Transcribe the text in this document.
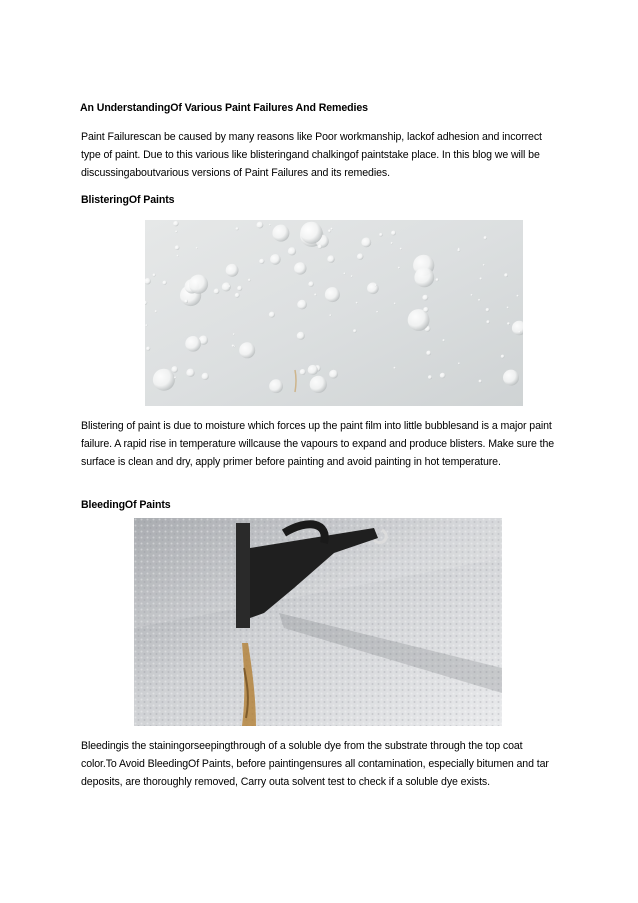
An UnderstandingOf Various Paint Failures And Remedies
Paint Failurescan be caused by many reasons like Poor workmanship, lackof adhesion and incorrect type of paint. Due to this various like blisteringand chalkingof paintstake place. In this blog we will be discussingaboutvarious versions of Paint Failures and its remedies.
BlisteringOf Paints
Blistering of paint is due to moisture which forces up the paint film into little bubblesand is a major paint failure. A rapid rise in temperature willcause the vapours to expand and produce blisters. Make sure the surface is clean and dry, apply primer before painting and avoid painting in hot temperature.
BleedingOf Paints
Bleedingis the stainingorseepingthrough of a soluble dye from the substrate through the top coat color.To Avoid BleedingOf Paints, before paintingensures all contamination, especially bitumen and tar deposits, are thoroughly removed, Carry outa solvent test to check if a soluble dye exists.
